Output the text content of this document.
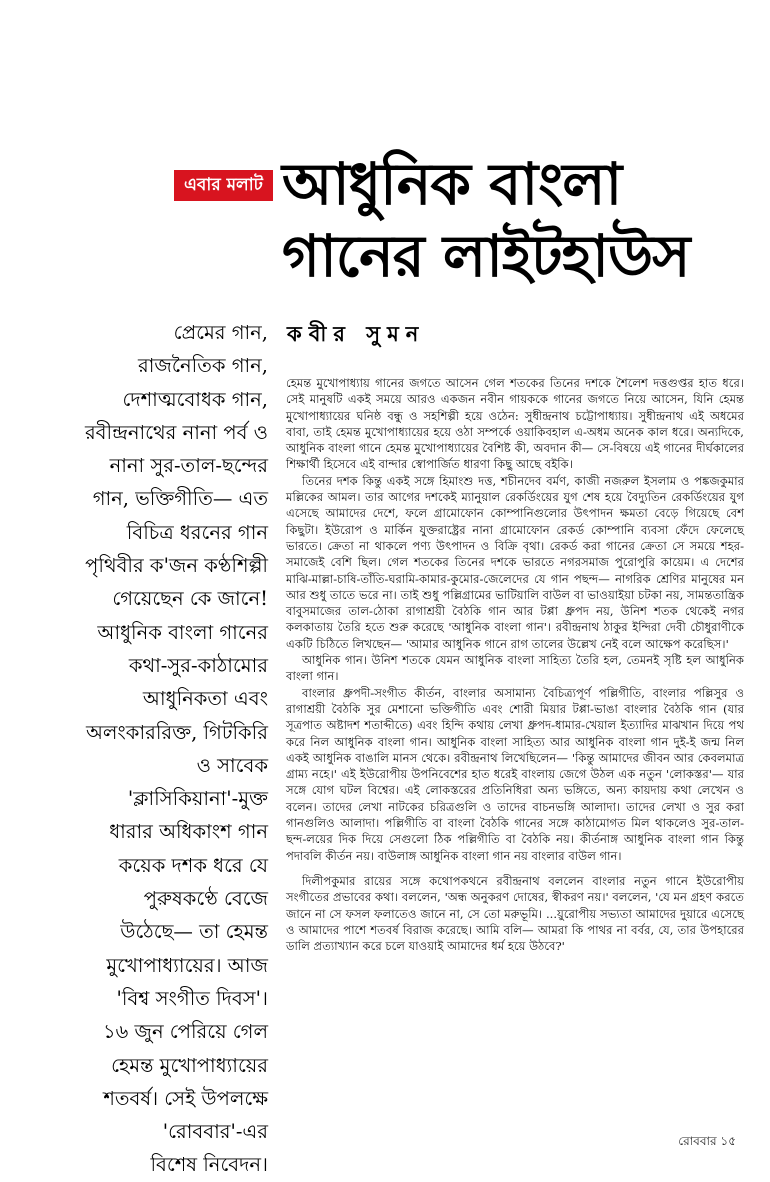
এবার মলাট আধুনিক বাংলা
গানের লাইটহাউস
কবীর সুমন
প্রেমের গান,
রাজনৈতিক গান,
দেশাত্মবোধক গান,
রবীন্দ্রনাথের নানা পর্ব ও
নানা সুর-তাল-ছন্দের
গান, ভক্তিগীতি— এত
বিচিত্র ধরনের গান
পৃথিবীর ক'জন কণ্ঠশিল্পী
গেয়েছেন কে জানে!
আধুনিক বাংলা গানের
কথা-সুর-কাঠামোর
আধুনিকতা এবং
অলংকাররিক্ত, গিটকিরি
ও সাবেক
'ক্লাসিকিয়ানা'-মুক্ত
ধারার অধিকাংশ গান
কয়েক দশক ধরে যে
পুরুষকণ্ঠে বেজে
উঠেছে— তা হেমন্ত
মুখোপাধ্যায়ের। আজ
'বিশ্ব সংগীত দিবস'।
১৬ জুন পেরিয়ে গেল
হেমন্ত মুখোপাধ্যায়ের
শতবর্ষ। সেই উপলক্ষে
'রোববার'-এর
বিশেষ নিবেদন।

হেমন্ত মুখোপাধ্যায় গানের জগতে আসেন গেল শতকের তিনের দশকে শৈলেশ দত্তগুপ্তর হাত ধরে। সেই মানুষটি একই সময়ে আরও একজন নবীন গায়ককে গানের জগতে নিয়ে আসেন, যিনি হেমন্ত মুখোপাধ্যায়ের ঘনিষ্ঠ বন্ধু ও সহশিল্পী হয়ে ওঠেন: সুধীন্দ্রনাথ চট্টোপাধ্যায়। সুধীন্দ্রনাথ এই অধমের বাবা, তাই হেমন্ত মুখোপাধ্যায়ের হয়ে ওঠা সম্পর্কে ওয়াকিবহাল এ-অধম অনেক কাল ধরে। অন্যদিকে, আধুনিক বাংলা গানে হেমন্ত মুখোপাধ্যায়ের বৈশিষ্ট কী, অবদান কী— সে-বিষয়ে এই গানের দীর্ঘকালের শিক্ষার্থী হিসেবে এই বান্দার স্বোপার্জিত ধারণা কিছু আছে বইকি।

তিনের দশক কিন্তু একই সঙ্গে হিমাংশু দত্ত, শচীনদেব বর্মণ, কাজী নজরুল ইসলাম ও পঙ্কজকুমার মল্লিকের আমল। তার আগের দশকেই ম্যানুয়াল রেকর্ডিংয়ের যুগ শেষ হয়ে বৈদ্যুতিন রেকর্ডিংয়ের যুগ এসেছে আমাদের দেশে, ফলে গ্রামোফোন কোম্পানিগুলোর উৎপাদন ক্ষমতা বেড়ে গিয়েছে বেশ কিছুটা। ইউরোপ ও মার্কিন যুক্তরাষ্ট্রের নানা গ্রামোফোন রেকর্ড কোম্পানি ব্যবসা ফেঁদে ফেলেছে ভারতে। ক্রেতা না থাকলে পণ্য উৎপাদন ও বিক্রি বৃথা। রেকর্ড করা গানের ক্রেতা সে সময়ে শহর-সমাজেই বেশি ছিল। গেল শতকের তিনের দশকে ভারতে নগরসমাজ পুরোপুরি কায়েম। এ দেশের মাঝি-মাল্লা-চাষি-তাঁতি-ঘরামি-কামার-কুমোর-জেলেদের যে গান পছন্দ— নাগরিক শ্রেণির মানুষের মন আর শুধু তাতে ভরে না। তাই শুধু পল্লিগ্রামের ভাটিয়ালি বাউল বা ভাওয়াইয়া চটকা নয়, সামন্ততান্ত্রিক বাবুসমাজের তাল-ঠোকা রাগাশ্রয়ী বৈঠকি গান আর টপ্পা ধ্রুপদ নয়, উনিশ শতক থেকেই নগর কলকাতায় তৈরি হতে শুরু করেছে 'আধুনিক বাংলা গান'। রবীন্দ্রনাথ ঠাকুর ইন্দিরা দেবী চৌধুরাণীকে একটি চিঠিতে লিখছেন— 'আমার আধুনিক গানে রাগ তালের উল্লেখ নেই বলে আক্ষেপ করেছিস।'

আধুনিক গান। উনিশ শতকে যেমন আধুনিক বাংলা সাহিত্য তৈরি হল, তেমনই সৃষ্টি হল আধুনিক বাংলা গান।

বাংলার ধ্রুপদী-সংগীত কীর্তন, বাংলার অসামান্য বৈচিত্র্যপূর্ণ পল্লিগীতি, বাংলার পল্লিসুর ও রাগাশ্রয়ী বৈঠকি সুর মেশানো ভক্তিগীতি এবং শোরী মিয়ার টপ্পা-ভাঙা বাংলার বৈঠকি গান (যার সূত্রপাত অষ্টাদশ শতাব্দীতে) এবং হিন্দি কথায় লেখা ধ্রুপদ-ধামার-খেয়াল ইত্যাদির মাঝখান দিয়ে পথ করে নিল আধুনিক বাংলা গান। আধুনিক বাংলা সাহিত্য আর আধুনিক বাংলা গান দুই-ই জন্ম নিল একই আধুনিক বাঙালি মানস থেকে। রবীন্দ্রনাথ লিখেছিলেন— 'কিন্তু আমাদের জীবন আর কেবলমাত্র গ্রাম্য নহে।' এই ইউরোপীয় উপনিবেশের হাত ধরেই বাংলায় জেগে উঠল এক নতুন 'লোকস্তর'— যার সঙ্গে যোগ ঘটল বিশ্বের। এই লোকস্তরের প্রতিনিধিরা অন্য ভঙ্গিতে, অন্য কায়দায় কথা লেখেন ও বলেন। তাদের লেখা নাটকের চরিত্রগুলি ও তাদের বাচনভঙ্গি আলাদা। তাদের লেখা ও সুর করা গানগুলিও আলাদা। পল্লিগীতি বা বাংলা বৈঠকি গানের সঙ্গে কাঠামোগত মিল থাকলেও সুর-তাল-ছন্দ-লয়ের দিক দিয়ে সেগুলো ঠিক পল্লিগীতি বা বৈঠকি নয়। কীর্তনাঙ্গ আধুনিক বাংলা গান কিন্তু পদাবলি কীর্তন নয়। বাউলাঙ্গ আধুনিক বাংলা গান নয় বাংলার বাউল গান।

দিলীপকুমার রায়ের সঙ্গে কথোপকথনে রবীন্দ্রনাথ বললেন বাংলার নতুন গানে ইউরোপীয় সংগীতের প্রভাবের কথা। বললেন, 'অন্ধ অনুকরণ দোষের, স্বীকরণ নয়।' বললেন, 'যে মন গ্রহণ করতে জানে না সে ফসল ফলাতেও জানে না, সে তো মরুভূমি। ...য়ুরোপীয় সভ্যতা আমাদের দুয়ারে এসেছে ও আমাদের পাশে শতবর্ষ বিরাজ করেছে। আমি বলি— আমরা কি পাথর না বর্বর, যে, তার উপহারের ডালি প্রত্যাখ্যান করে চলে যাওয়াই আমাদের ধর্ম হয়ে উঠবে?'

রোববার ১৫
